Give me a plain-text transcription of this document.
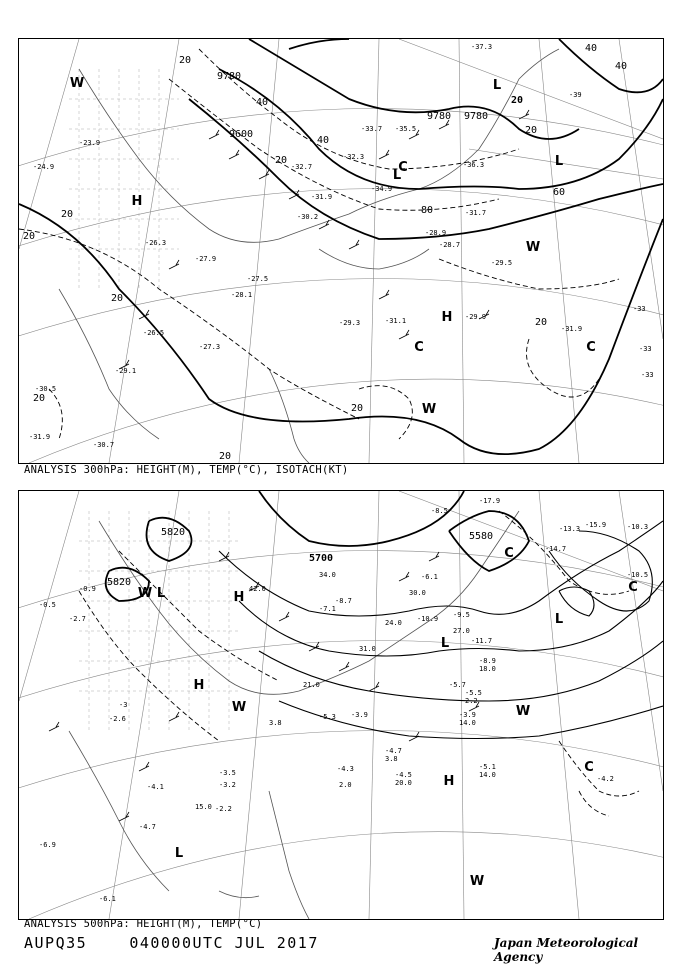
9600
9780
9780 9780
20
20
20
20
20
20
40
40
40
60
80
20
20
20
20
40
20
H
H
L
L
L
C	C
C
W
W
W
-31.1	-29.9
-31.9
-28.1
-29.3
-27.5
-29.5
-28.7
-30.7
-31.7
-26.5
-27.3
-29.1
-30.5
-31.9
-32.7
-33
-33
-33
-37.3
-34.9
-36.3
-35.5
-33.7
-31.9
-30.2
-27.9
-26.3
-23.9
-24.9
-28.9
-39
-32.3
ANALYSIS 300hPa: HEIGHT(M), TEMP(°C), ISOTACH(KT)
5820
5820
5700
5580
H
H
H
L
L
L
L
C
C
C
W
W	W
W
-5.1
14.0
-4.5
20.0
-4.7
3.8
-3.9
14.0
-5.5
2.2
-5.7
-10.9
27.0
-11.7
-9.5
24.0
-8.5
-10.3
-10.5
-13.3 -15.9
-14.7
-17.9
-8.9
18.0
-6.1
-3.9
-4.2
-2.7
-4.1
-3.5
-4.7
-4.3
-0.9
-0.5
2.0
-2.6	3.8
-3.2
-6.9
-6.1
15.0
-3
42.0
34.0
31.0
30.0
21.0
-7.1
-8.7
-2.2
-5.3
ANALYSIS 500hPa: HEIGHT(M), TEMP(°C)
AUPQ35	040000UTC JUL 2017	Japan Meteorological Agency
